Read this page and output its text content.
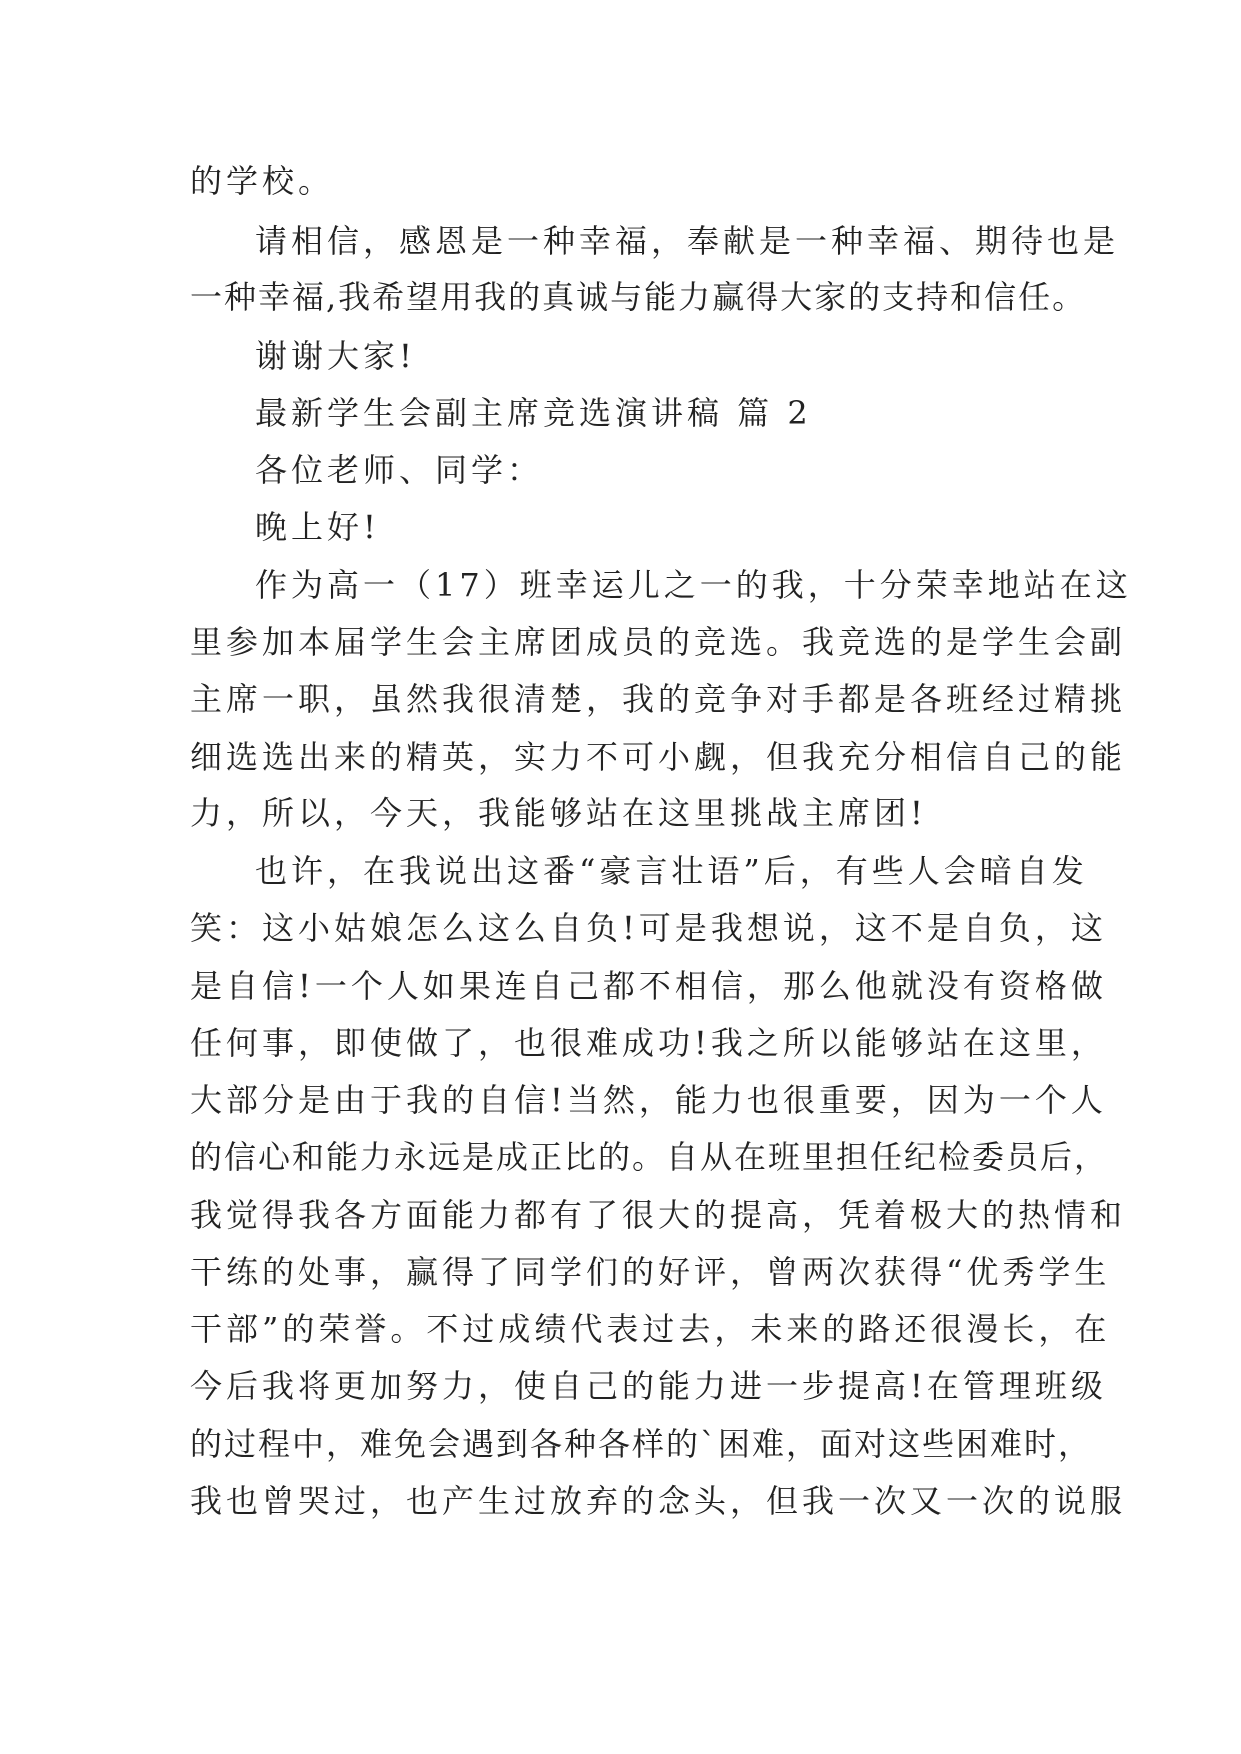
的学校。
请相信，感恩是一种幸福，奉献是一种幸福、期待也是
一种幸福,我希望用我的真诚与能力赢得大家的支持和信任。
谢谢大家!
最新学生会副主席竞选演讲稿 篇 2
各位老师、同学：
晚上好!
作为高一（17）班幸运儿之一的我，十分荣幸地站在这
里参加本届学生会主席团成员的竞选。我竞选的是学生会副
主席一职，虽然我很清楚，我的竞争对手都是各班经过精挑
细选选出来的精英，实力不可小觑，但我充分相信自己的能
力，所以，今天，我能够站在这里挑战主席团!
也许，在我说出这番“豪言壮语”后，有些人会暗自发
笑：这小姑娘怎么这么自负!可是我想说，这不是自负，这
是自信!一个人如果连自己都不相信，那么他就没有资格做
任何事，即使做了，也很难成功!我之所以能够站在这里，
大部分是由于我的自信!当然，能力也很重要，因为一个人
的信心和能力永远是成正比的。自从在班里担任纪检委员后，
我觉得我各方面能力都有了很大的提高，凭着极大的热情和
干练的处事，赢得了同学们的好评，曾两次获得“优秀学生
干部”的荣誉。不过成绩代表过去，未来的路还很漫长，在
今后我将更加努力，使自己的能力进一步提高!在管理班级
的过程中，难免会遇到各种各样的`困难，面对这些困难时，
我也曾哭过，也产生过放弃的念头，但我一次又一次的说服
